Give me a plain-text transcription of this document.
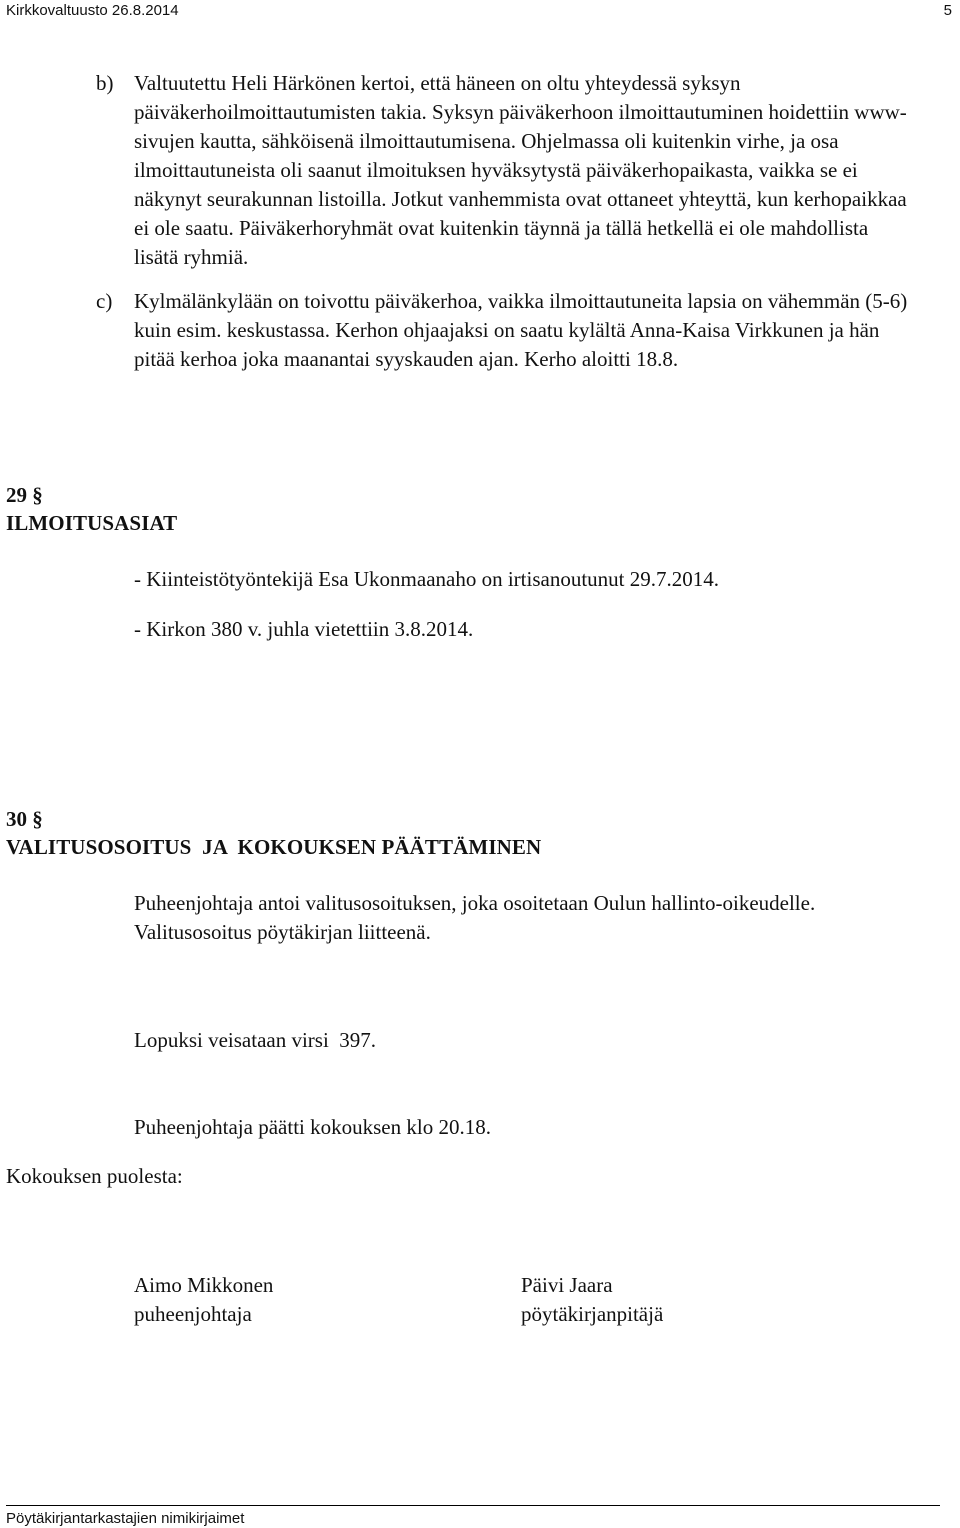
Kirkkovaltuusto 26.8.2014	5
b) Valtuutettu Heli Härkönen kertoi, että häneen on oltu yhteydessä syksyn päiväkerhoilmoittautumisten takia. Syksyn päiväkerhoon ilmoittautuminen hoidettiin www-sivujen kautta, sähköisenä ilmoittautumisena. Ohjelmassa oli kuitenkin virhe, ja osa ilmoittautuneista oli saanut ilmoituksen hyväksytystä päiväkerhopaikasta, vaikka se ei näkynyt seurakunnan listoilla. Jotkut vanhemmista ovat ottaneet yhteyttä, kun kerhopaikkaa ei ole saatu. Päiväkerhoryhmät ovat kuitenkin täynnä ja tällä hetkellä ei ole mahdollista lisätä ryhmiä.
c) Kylmälänkylään on toivottu päiväkerhoa, vaikka ilmoittautuneita lapsia on vähemmän (5-6) kuin esim. keskustassa. Kerhon ohjaajaksi on saatu kylältä Anna-Kaisa Virkkunen ja hän pitää kerhoa joka maanantai syyskauden ajan. Kerho aloitti 18.8.
29 §
ILMOITUSASIAT
- Kiinteistötyöntekijä Esa Ukonmaanaho on irtisanoutunut 29.7.2014.
- Kirkon 380 v. juhla vietettiin 3.8.2014.
30 §
VALITUSOSOITUS  JA  KOKOUKSEN PÄÄTTÄMINEN
Puheenjohtaja antoi valitusosoituksen, joka osoitetaan Oulun hallinto-oikeudelle.
Valitusosoitus pöytäkirjan liitteenä.

Lopuksi veisataan virsi  397.

Puheenjohtaja päätti kokouksen klo 20.18.

Kokouksen puolesta:
Aimo Mikkonen
puheenjohtaja
Päivi Jaara
pöytäkirjanpitäjä
Pöytäkirjantarkastajien nimikirjaimet
